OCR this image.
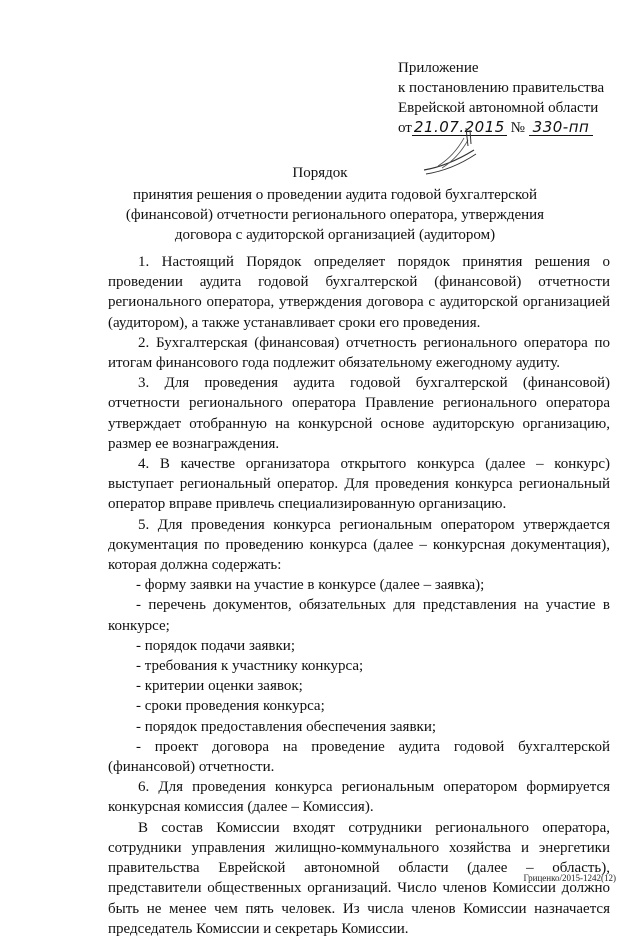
Приложение
к постановлению правительства
Еврейской автономной области
от 21.07.2015 № 330-пп
Порядок
принятия решения о проведении аудита годовой бухгалтерской (финансовой) отчетности регионального оператора, утверждения договора с аудиторской организацией (аудитором)

1. Настоящий Порядок определяет порядок принятия решения о проведении аудита годовой бухгалтерской (финансовой) отчетности регионального оператора, утверждения договора с аудиторской организацией (аудитором), а также устанавливает сроки его проведения.

2. Бухгалтерская (финансовая) отчетность регионального оператора по итогам финансового года подлежит обязательному ежегодному аудиту.

3. Для проведения аудита годовой бухгалтерской (финансовой) отчетности регионального оператора Правление регионального оператора утверждает отобранную на конкурсной основе аудиторскую организацию, размер ее вознаграждения.

4. В качестве организатора открытого конкурса (далее – конкурс) выступает региональный оператор. Для проведения конкурса региональный оператор вправе привлечь специализированную организацию.

5. Для проведения конкурса региональным оператором утверждается документация по проведению конкурса (далее – конкурсная документация), которая должна содержать:

- форму заявки на участие в конкурсе (далее – заявка);

- перечень документов, обязательных для представления на участие в конкурсе;

- порядок подачи заявки;

- требования к участнику конкурса;

- критерии оценки заявок;

- сроки проведения конкурса;

- порядок предоставления обеспечения заявки;

- проект договора на проведение аудита годовой бухгалтерской (финансовой) отчетности.

6. Для проведения конкурса региональным оператором формируется конкурсная комиссия (далее – Комиссия).

В состав Комиссии входят сотрудники регионального оператора, сотрудники управления жилищно-коммунального хозяйства и энергетики правительства Еврейской автономной области (далее – область), представители общественных организаций. Число членов Комиссии должно быть не менее чем пять человек. Из числа членов Комиссии назначается председатель Комиссии и секретарь Комиссии.

Гриценко/2015-1242(12)
